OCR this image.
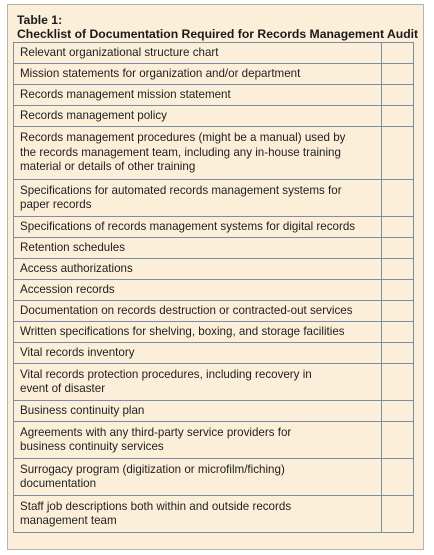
Table 1:
Checklist of Documentation Required for Records Management Audit
Relevant organizational structure chart	
Mission statements for organization and/or department	
Records management mission statement	
Records management policy	
Records management procedures (might be a manual) used by
the records management team, including any in-house training
material or details of other training	
Specifications for automated records management systems for
paper records	
Specifications of records management systems for digital records	
Retention schedules	
Access authorizations	
Accession records	
Documentation on records destruction or contracted-out services	
Written specifications for shelving, boxing, and storage facilities	
Vital records inventory	
Vital records protection procedures, including recovery in
event of disaster	
Business continuity plan	
Agreements with any third-party service providers for
business continuity services	
Surrogacy program (digitization or microfilm/fiching)
documentation	
Staff job descriptions both within and outside records
management team	
